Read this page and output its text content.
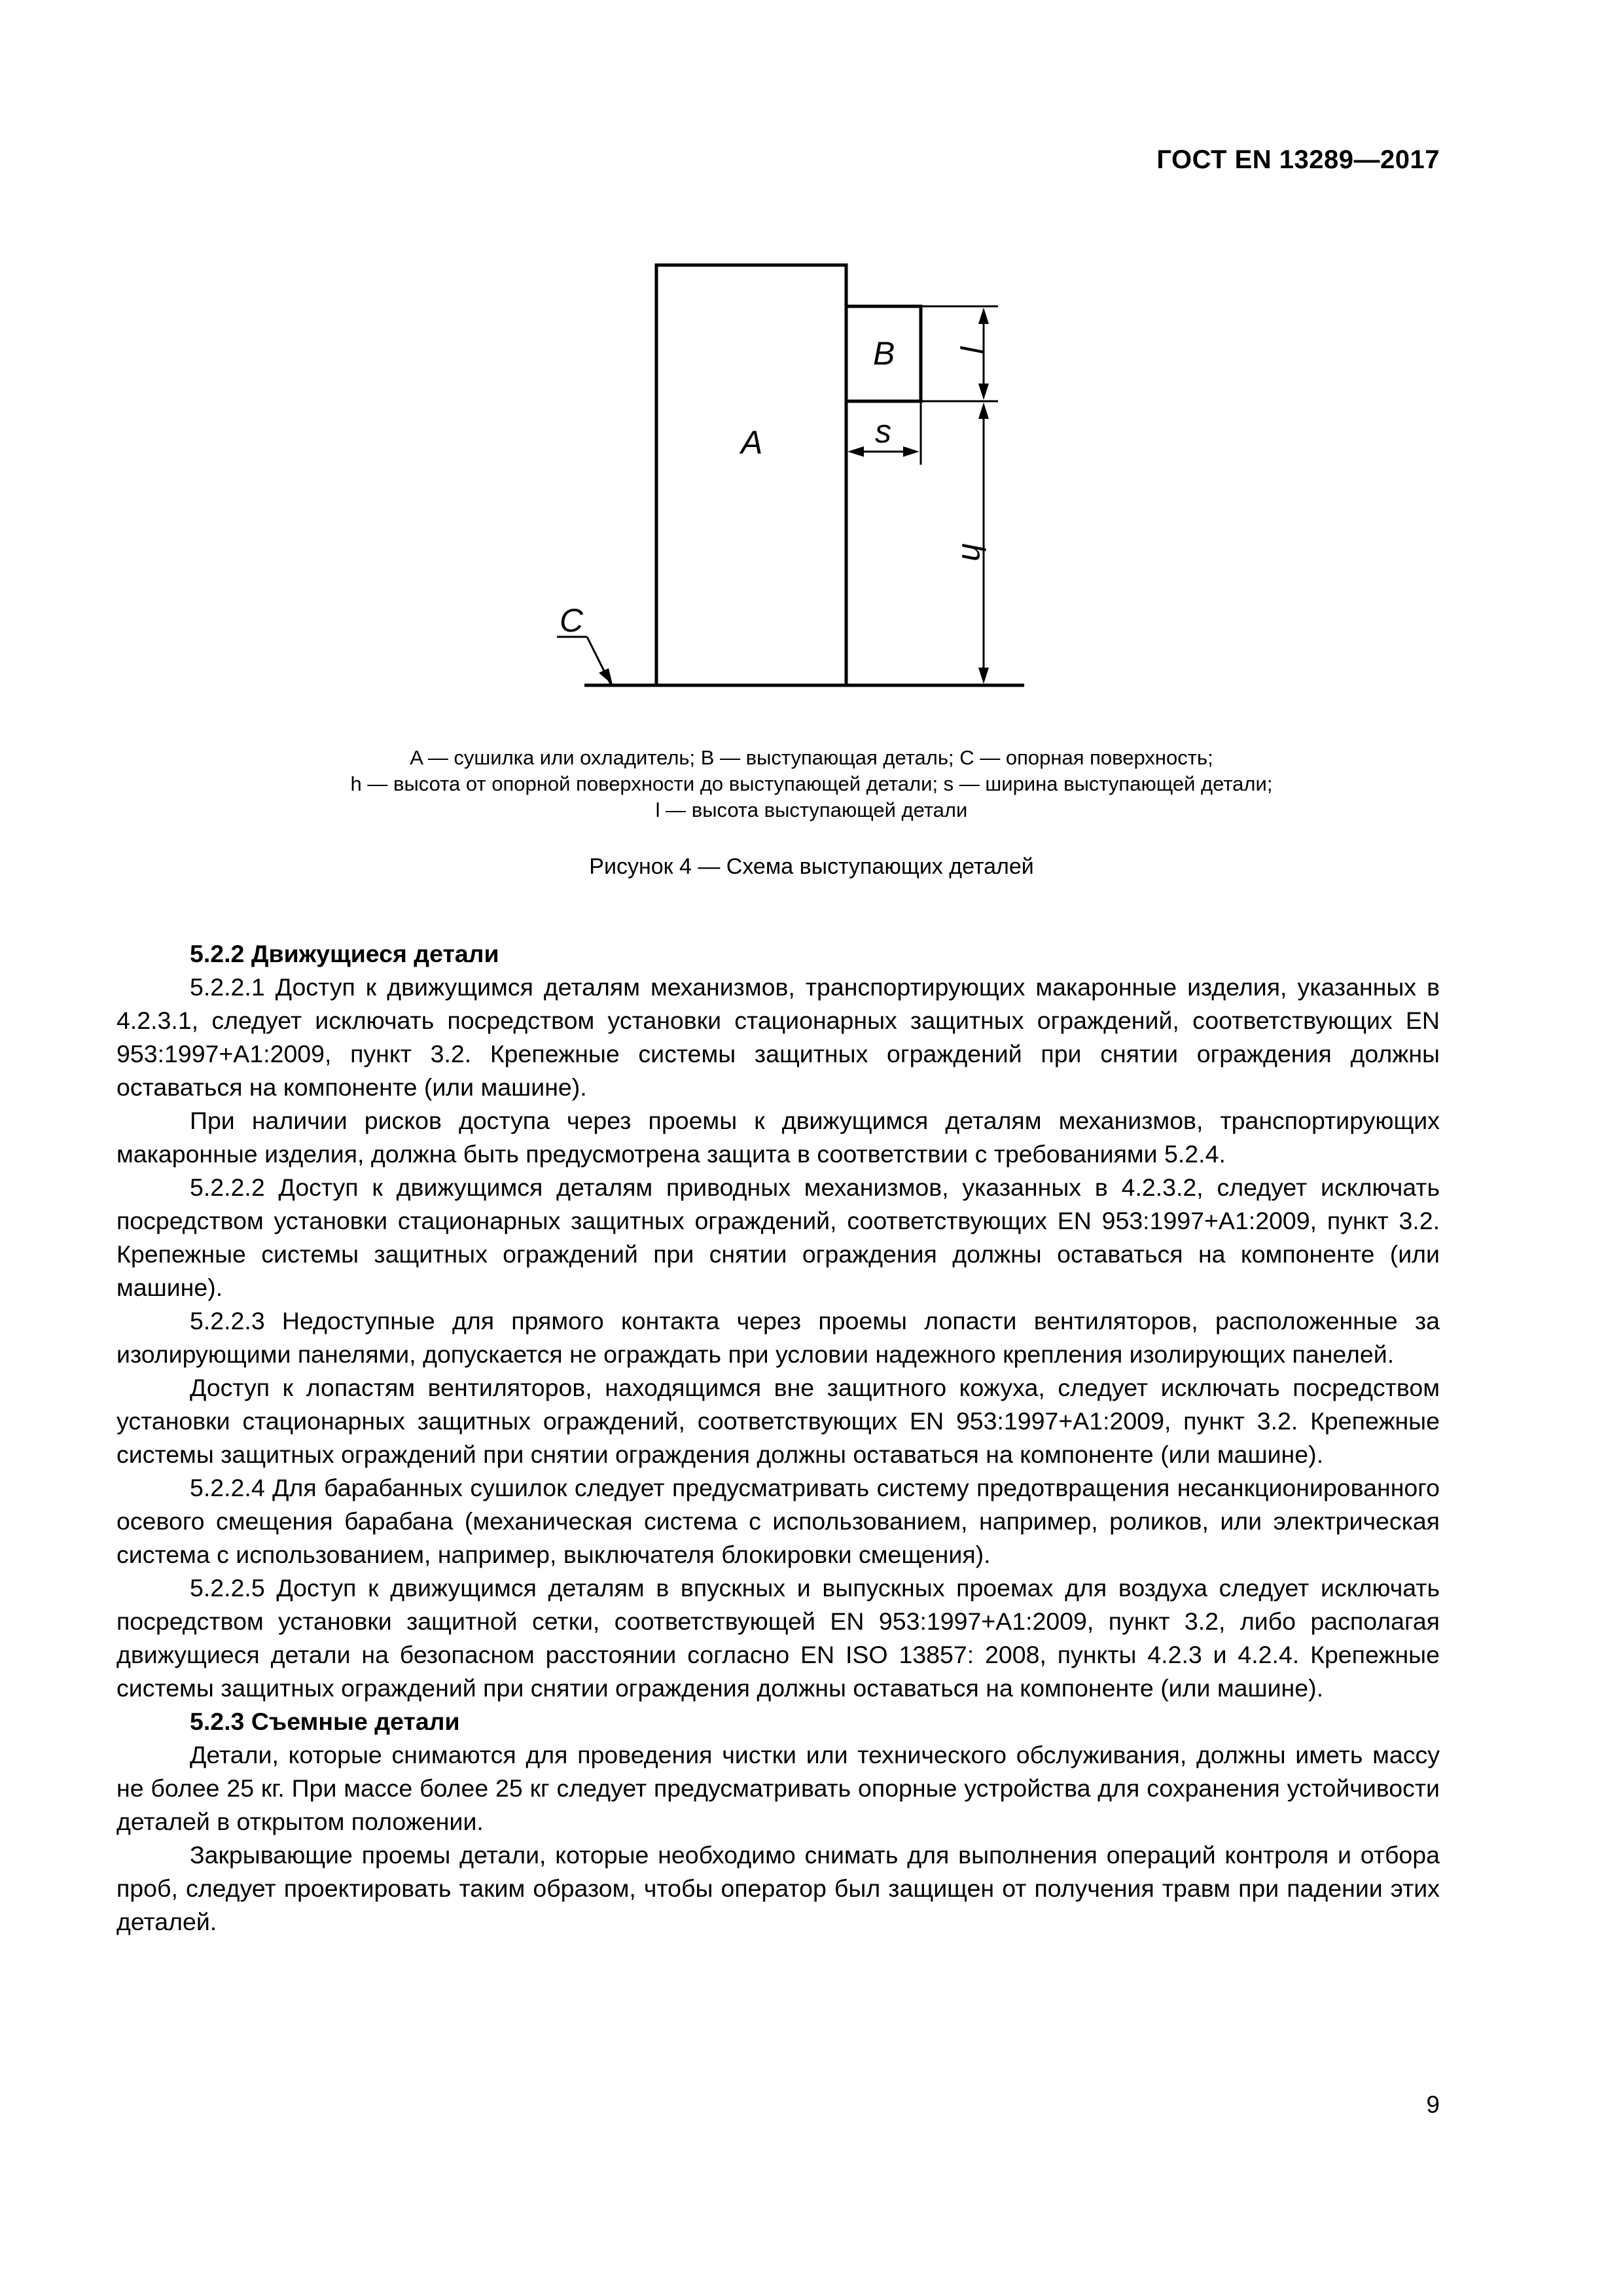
ГОСТ EN 13289—2017
A
B
s
C
h
l
A — сушилка или охладитель; B — выступающая деталь; C — опорная поверхность;
h — высота от опорной поверхности до выступающей детали; s — ширина выступающей детали;
l — высота выступающей детали
Рисунок 4 — Схема выступающих деталей
5.2.2 Движущиеся детали

5.2.2.1 Доступ к движущимся деталям механизмов, транспортирующих макаронные изделия, указанных в 4.2.3.1, следует исключать посредством установки стационарных защитных ограждений, соответствующих EN 953:1997+A1:2009, пункт 3.2. Крепежные системы защитных ограждений при снятии ограждения должны оставаться на компоненте (или машине).

При наличии рисков доступа через проемы к движущимся деталям механизмов, транспортирующих макаронные изделия, должна быть предусмотрена защита в соответствии с требованиями 5.2.4.

5.2.2.2 Доступ к движущимся деталям приводных механизмов, указанных в 4.2.3.2, следует исключать посредством установки стационарных защитных ограждений, соответствующих EN 953:1997+A1:2009, пункт 3.2. Крепежные системы защитных ограждений при снятии ограждения должны оставаться на компоненте (или машине).

5.2.2.3 Недоступные для прямого контакта через проемы лопасти вентиляторов, расположенные за изолирующими панелями, допускается не ограждать при условии надежного крепления изолирующих панелей.

Доступ к лопастям вентиляторов, находящимся вне защитного кожуха, следует исключать посредством установки стационарных защитных ограждений, соответствующих EN 953:1997+A1:2009, пункт 3.2. Крепежные системы защитных ограждений при снятии ограждения должны оставаться на компоненте (или машине).

5.2.2.4 Для барабанных сушилок следует предусматривать систему предотвращения несанкционированного осевого смещения барабана (механическая система с использованием, например, роликов, или электрическая система с использованием, например, выключателя блокировки смещения).

5.2.2.5 Доступ к движущимся деталям в впускных и выпускных проемах для воздуха следует исключать посредством установки защитной сетки, соответствующей EN 953:1997+A1:2009, пункт 3.2, либо располагая движущиеся детали на безопасном расстоянии согласно EN ISO 13857: 2008, пункты 4.2.3 и 4.2.4. Крепежные системы защитных ограждений при снятии ограждения должны оставаться на компоненте (или машине).

5.2.3 Съемные детали

Детали, которые снимаются для проведения чистки или технического обслуживания, должны иметь массу не более 25 кг. При массе более 25 кг следует предусматривать опорные устройства для сохранения устойчивости деталей в открытом положении.

Закрывающие проемы детали, которые необходимо снимать для выполнения операций контроля и отбора проб, следует проектировать таким образом, чтобы оператор был защищен от получения травм при падении этих деталей.

9
